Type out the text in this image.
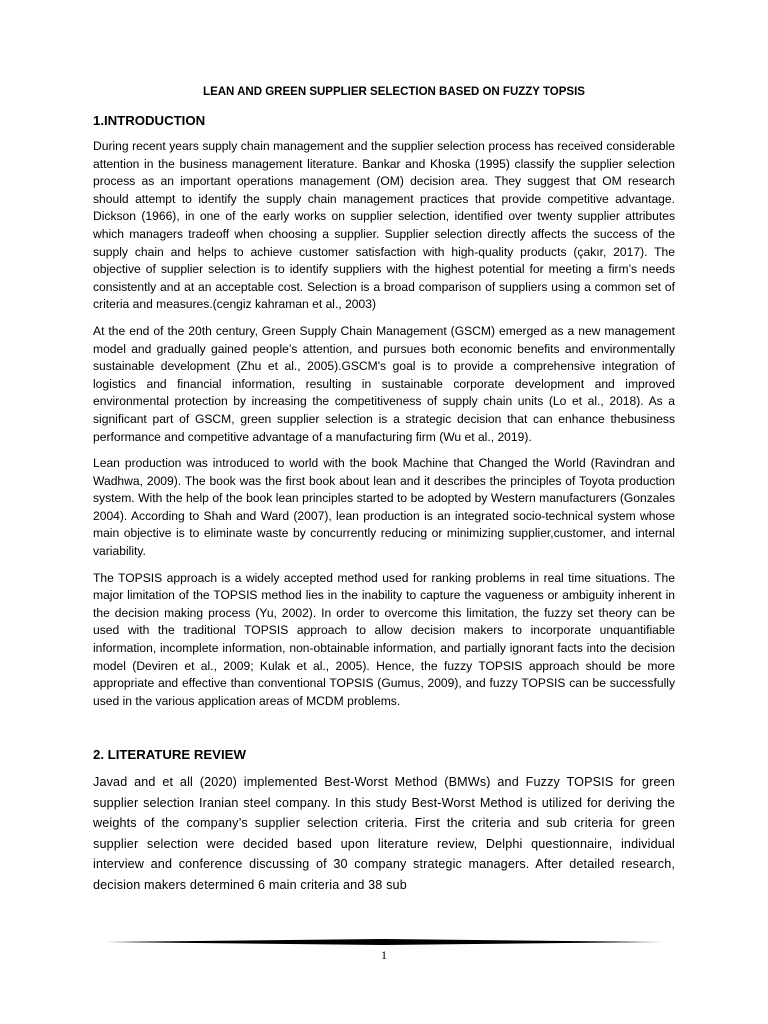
LEAN AND GREEN SUPPLIER SELECTION BASED ON FUZZY TOPSIS
1.INTRODUCTION

During recent years supply chain management and the supplier selection process has received considerable attention in the business management literature. Bankar and Khoska (1995) classify the supplier selection process as an important operations management (OM) decision area. They suggest that OM research should attempt to identify the supply chain management practices that provide competitive advantage. Dickson (1966), in one of the early works on supplier selection, identified over twenty supplier attributes which managers tradeoff when choosing a supplier. Supplier selection directly affects the success of the supply chain and helps to achieve customer satisfaction with high-quality products (çakır, 2017). The objective of supplier selection is to identify suppliers with the highest potential for meeting a firm’s needs consistently and at an acceptable cost. Selection is a broad comparison of suppliers using a common set of criteria and measures.(cengiz kahraman et al., 2003)

At the end of the 20th century, Green Supply Chain Management (GSCM) emerged as a new management model and gradually gained people’s attention, and pursues both economic benefits and environmentally sustainable development (Zhu et al., 2005).GSCM's goal is to provide a comprehensive integration of logistics and financial information, resulting in sustainable corporate development and improved environmental protection by increasing the competitiveness of supply chain units (Lo et al., 2018). As a significant part of GSCM, green supplier selection is a strategic decision that can enhance thebusiness performance and competitive advantage of a manufacturing firm (Wu et al., 2019).

Lean production was introduced to world with the book Machine that Changed the World (Ravindran and Wadhwa, 2009). The book was the first book about lean and it describes the principles of Toyota production system. With the help of the book lean principles started to be adopted by Western manufacturers (Gonzales 2004). According to Shah and Ward (2007), lean production is an integrated socio-technical system whose main objective is to eliminate waste by concurrently reducing or minimizing supplier,customer, and internal variability.

The TOPSIS approach is a widely accepted method used for ranking problems in real time situations. The major limitation of the TOPSIS method lies in the inability to capture the vagueness or ambiguity inherent in the decision making process (Yu, 2002). In order to overcome this limitation, the fuzzy set theory can be used with the traditional TOPSIS approach to allow decision makers to incorporate unquantifiable information, incomplete information, non-obtainable information, and partially ignorant facts into the decision model (Deviren et al., 2009; Kulak et al., 2005). Hence, the fuzzy TOPSIS approach should be more appropriate and effective than conventional TOPSIS (Gumus, 2009), and fuzzy TOPSIS can be successfully used in the various application areas of MCDM problems.

2. LITERATURE REVIEW

Javad and et all (2020) implemented Best-Worst Method (BMWs) and Fuzzy TOPSIS for green supplier selection Iranian steel company. In this study Best-Worst Method is utilized for deriving the weights of the company’s supplier selection criteria. First the criteria and sub criteria for green supplier selection were decided based upon literature review, Delphi questionnaire, individual interview and conference discussing of 30 company strategic managers. After detailed research, decision makers determined 6 main criteria and 38 sub

1
